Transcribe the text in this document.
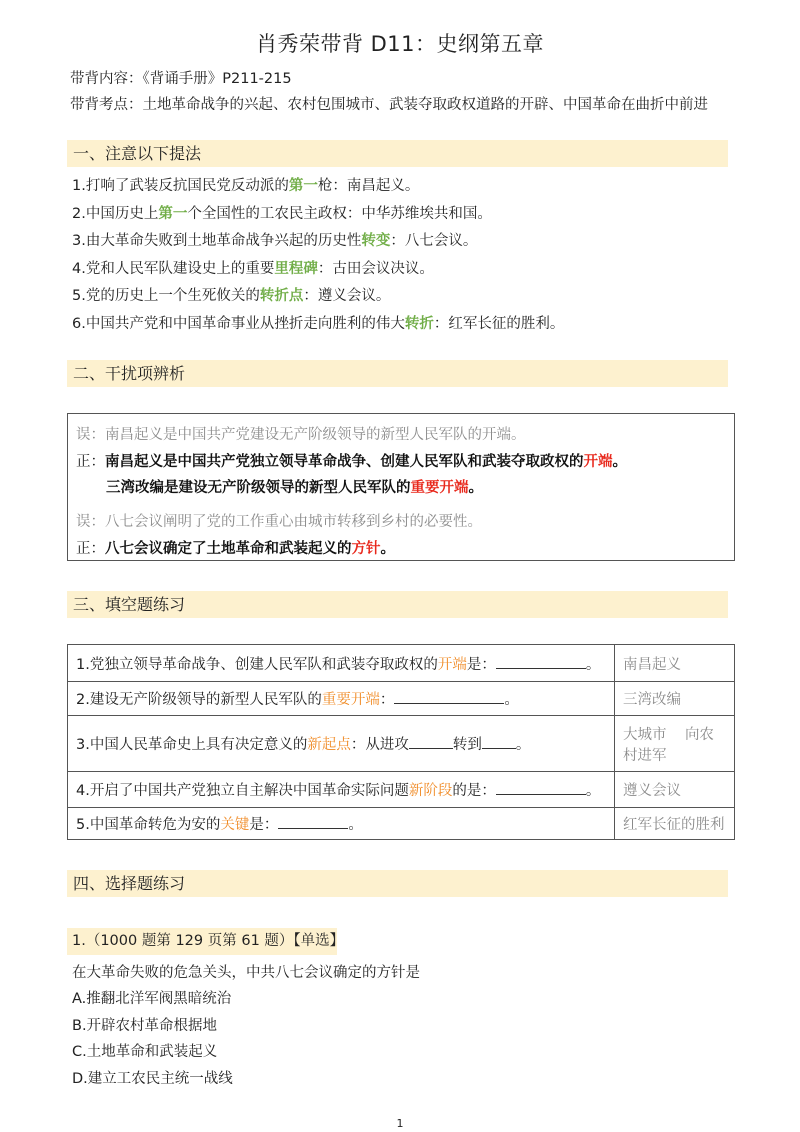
肖秀荣带背 D11：史纲第五章
带背内容：《背诵手册》P211-215
带背考点：土地革命战争的兴起、农村包围城市、武装夺取政权道路的开辟、中国革命在曲折中前进
一、注意以下提法
1.打响了武装反抗国民党反动派的第一枪：南昌起义。
2.中国历史上第一个全国性的工农民主政权：中华苏维埃共和国。
3.由大革命失败到土地革命战争兴起的历史性转变：八七会议。
4.党和人民军队建设史上的重要里程碑：古田会议决议。
5.党的历史上一个生死攸关的转折点：遵义会议。
6.中国共产党和中国革命事业从挫折走向胜利的伟大转折：红军长征的胜利。
二、干扰项辨析
误：南昌起义是中国共产党建设无产阶级领导的新型人民军队的开端。
正：南昌起义是中国共产党独立领导革命战争、创建人民军队和武装夺取政权的开端。
三湾改编是建设无产阶级领导的新型人民军队的重要开端。
误：八七会议阐明了党的工作重心由城市转移到乡村的必要性。
正：八七会议确定了土地革命和武装起义的方针。
三、填空题练习
1.党独立领导革命战争、创建人民军队和武装夺取政权的开端是： 。	南昌起义
2.建设无产阶级领导的新型人民军队的重要开端： 。	三湾改编
3.中国人民革命史上具有决定意义的新起点：从进攻 转到 。	大城市 向农村进军
4.开启了中国共产党独立自主解决中国革命实际问题新阶段的是： 。	遵义会议
5.中国革命转危为安的关键是： 。	红军长征的胜利
四、选择题练习
1.（1000 题第 129 页第 61 题）【单选】
在大革命失败的危急关头，中共八七会议确定的方针是
A.推翻北洋军阀黑暗统治
B.开辟农村革命根据地
C.土地革命和武装起义
D.建立工农民主统一战线
1
